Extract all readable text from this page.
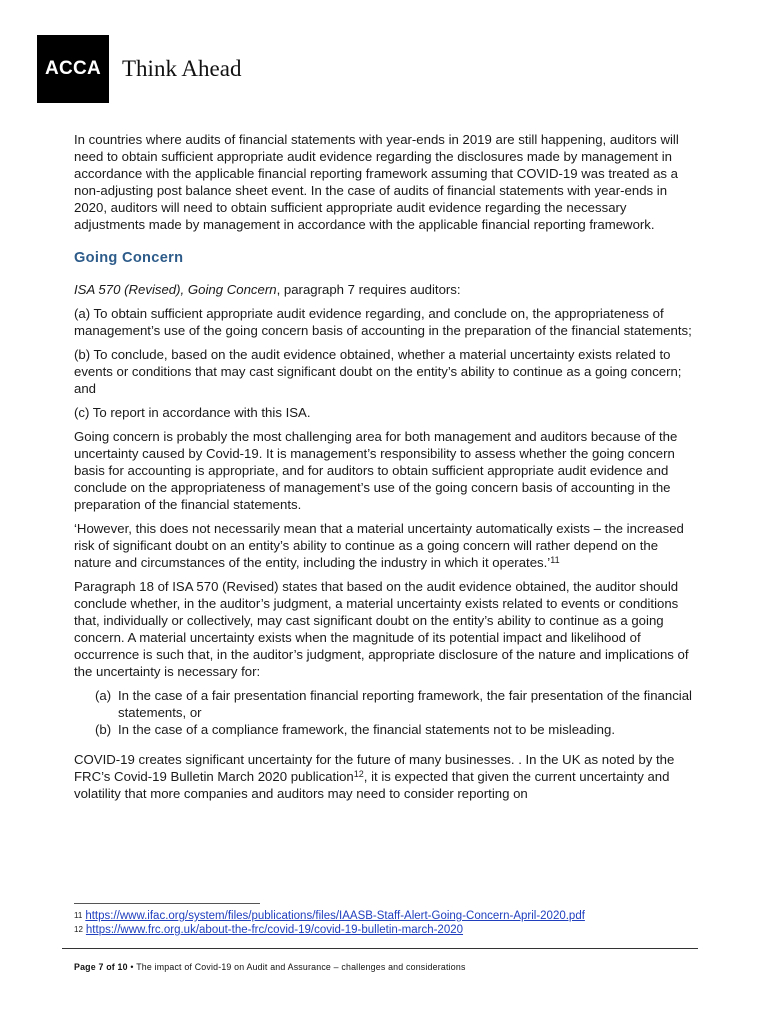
ACCA Think Ahead

In countries where audits of financial statements with year-ends in 2019 are still happening, auditors will need to obtain sufficient appropriate audit evidence regarding the disclosures made by management in accordance with the applicable financial reporting framework assuming that COVID-19 was treated as a non-adjusting post balance sheet event. In the case of audits of financial statements with year-ends in 2020, auditors will need to obtain sufficient appropriate audit evidence regarding the necessary adjustments made by management in accordance with the applicable financial reporting framework.

Going Concern

ISA 570 (Revised), Going Concern, paragraph 7 requires auditors:

(a) To obtain sufficient appropriate audit evidence regarding, and conclude on, the appropriateness of management’s use of the going concern basis of accounting in the preparation of the financial statements;

(b) To conclude, based on the audit evidence obtained, whether a material uncertainty exists related to events or conditions that may cast significant doubt on the entity’s ability to continue as a going concern; and

(c) To report in accordance with this ISA.

Going concern is probably the most challenging area for both management and auditors because of the uncertainty caused by Covid-19. It is management’s responsibility to assess whether the going concern basis for accounting is appropriate, and for auditors to obtain sufficient appropriate audit evidence and conclude on the appropriateness of management’s use of the going concern basis of accounting in the preparation of the financial statements.

‘However, this does not necessarily mean that a material uncertainty automatically exists – the increased risk of significant doubt on an entity’s ability to continue as a going concern will rather depend on the nature and circumstances of the entity, including the industry in which it operates.’$^{11}$

Paragraph 18 of ISA 570 (Revised) states that based on the audit evidence obtained, the auditor should conclude whether, in the auditor’s judgment, a material uncertainty exists related to events or conditions that, individually or collectively, may cast significant doubt on the entity’s ability to continue as a going concern. A material uncertainty exists when the magnitude of its potential impact and likelihood of occurrence is such that, in the auditor’s judgment, appropriate disclosure of the nature and implications of the uncertainty is necessary for:

(a) In the case of a fair presentation financial reporting framework, the fair presentation of the financial statements, or
(b) In the case of a compliance framework, the financial statements not to be misleading.

COVID-19 creates significant uncertainty for the future of many businesses. . In the UK as noted by the FRC’s Covid-19 Bulletin March 2020 publication$^{12}$, it is expected that given the current uncertainty and volatility that more companies and auditors may need to consider reporting on

$^{11}$ https://www.ifac.org/system/files/publications/files/IAASB-Staff-Alert-Going-Concern-April-2020.pdf
$^{12}$ https://www.frc.org.uk/about-the-frc/covid-19/covid-19-bulletin-march-2020
Page 7 of 10 • The impact of Covid-19 on Audit and Assurance – challenges and considerations
